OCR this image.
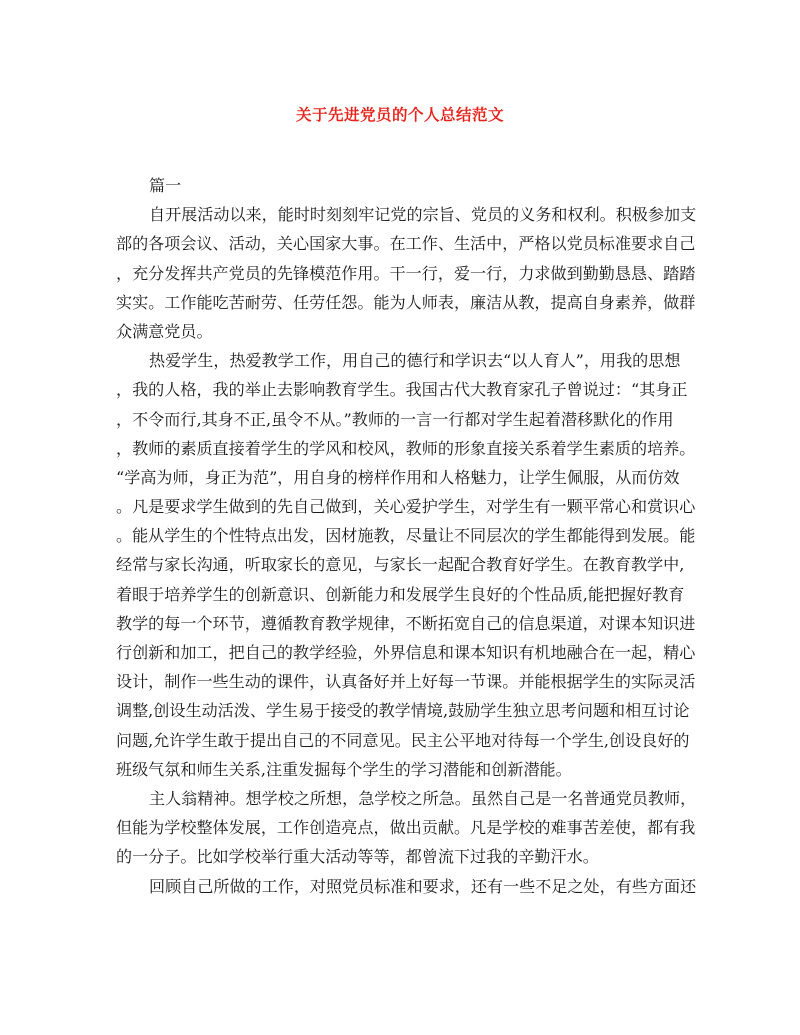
关于先进党员的个人总结范文
篇一
自开展活动以来，能时时刻刻牢记党的宗旨、党员的义务和权利。积极参加支
部的各项会议、活动，关心国家大事。在工作、生活中，严格以党员标准要求自己
，充分发挥共产党员的先锋模范作用。干一行，爱一行，力求做到勤勤恳恳、踏踏
实实。工作能吃苦耐劳、任劳任怨。能为人师表，廉洁从教，提高自身素养，做群
众满意党员。
热爱学生，热爱教学工作，用自己的德行和学识去“以人育人”，用我的思想
，我的人格，我的举止去影响教育学生。我国古代大教育家孔子曾说过：“其身正
，不令而行,其身不正,虽令不从。”教师的一言一行都对学生起着潜移默化的作用
，教师的素质直接着学生的学风和校风，教师的形象直接关系着学生素质的培养。
“学高为师，身正为范”，用自身的榜样作用和人格魅力，让学生佩服，从而仿效
。凡是要求学生做到的先自己做到，关心爱护学生，对学生有一颗平常心和赏识心
。能从学生的个性特点出发，因材施教，尽量让不同层次的学生都能得到发展。能
经常与家长沟通，听取家长的意见，与家长一起配合教育好学生。在教育教学中,
着眼于培养学生的创新意识、创新能力和发展学生良好的个性品质,能把握好教育
教学的每一个环节，遵循教育教学规律，不断拓宽自己的信息渠道，对课本知识进
行创新和加工，把自己的教学经验，外界信息和课本知识有机地融合在一起，精心
设计，制作一些生动的课件，认真备好并上好每一节课。并能根据学生的实际灵活
调整,创设生动活泼、学生易于接受的教学情境,鼓励学生独立思考问题和相互讨论
问题,允许学生敢于提出自己的不同意见。民主公平地对待每一个学生,创设良好的
班级气氛和师生关系,注重发掘每个学生的学习潜能和创新潜能。
主人翁精神。想学校之所想，急学校之所急。虽然自己是一名普通党员教师，
但能为学校整体发展，工作创造亮点，做出贡献。凡是学校的难事苦差使，都有我
的一分子。比如学校举行重大活动等等，都曾流下过我的辛勤汗水。
回顾自己所做的工作，对照党员标准和要求，还有一些不足之处，有些方面还
